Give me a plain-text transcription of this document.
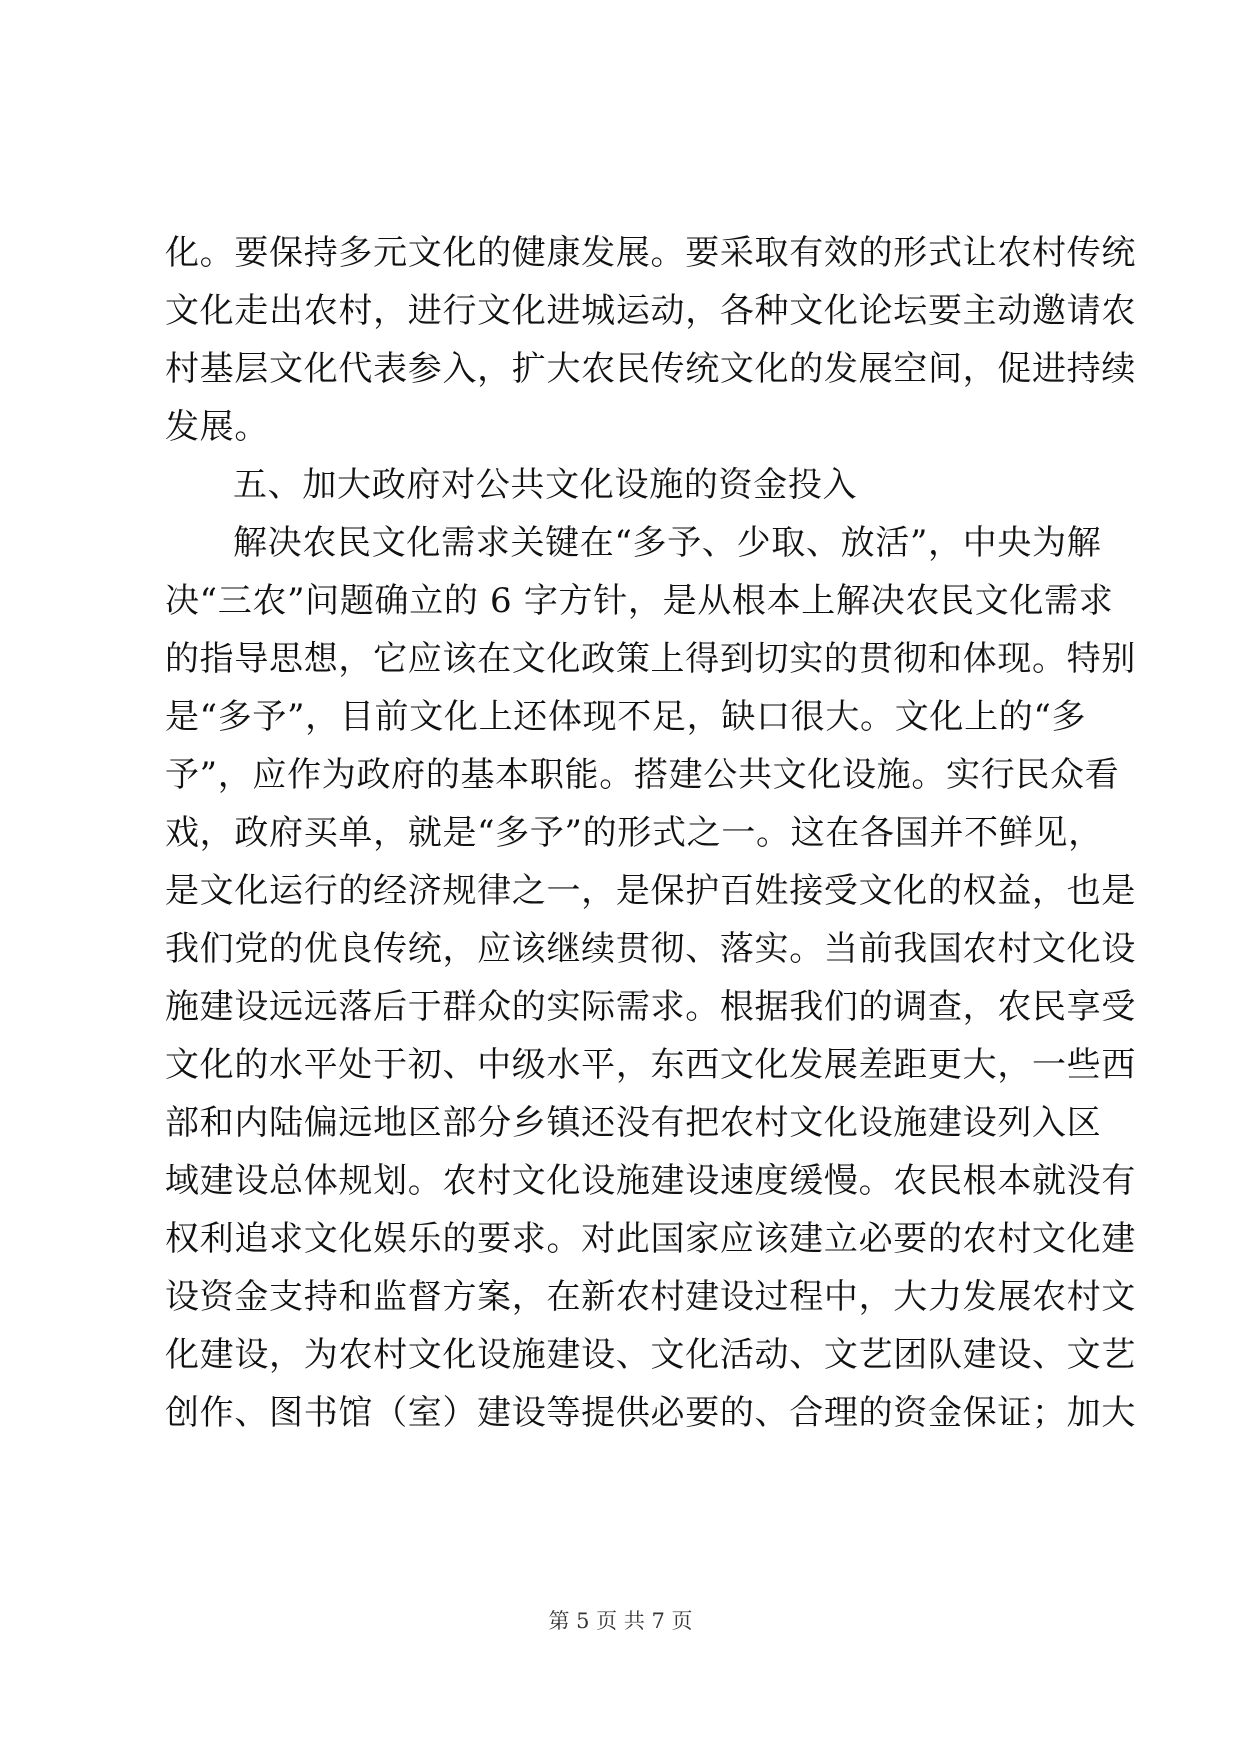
化。要保持多元文化的健康发展。要采取有效的形式让农村传统
文化走出农村，进行文化进城运动，各种文化论坛要主动邀请农
村基层文化代表参入，扩大农民传统文化的发展空间，促进持续
发展。
五、加大政府对公共文化设施的资金投入
解决农民文化需求关键在“多予、少取、放活”，中央为解
决“三农”问题确立的 6 字方针，是从根本上解决农民文化需求
的指导思想，它应该在文化政策上得到切实的贯彻和体现。特别
是“多予”，目前文化上还体现不足，缺口很大。文化上的“多
予”，应作为政府的基本职能。搭建公共文化设施。实行民众看
戏，政府买单，就是“多予”的形式之一。这在各国并不鲜见，
是文化运行的经济规律之一，是保护百姓接受文化的权益，也是
我们党的优良传统，应该继续贯彻、落实。当前我国农村文化设
施建设远远落后于群众的实际需求。根据我们的调查，农民享受
文化的水平处于初、中级水平，东西文化发展差距更大，一些西
部和内陆偏远地区部分乡镇还没有把农村文化设施建设列入区
域建设总体规划。农村文化设施建设速度缓慢。农民根本就没有
权利追求文化娱乐的要求。对此国家应该建立必要的农村文化建
设资金支持和监督方案，在新农村建设过程中，大力发展农村文
化建设，为农村文化设施建设、文化活动、文艺团队建设、文艺
创作、图书馆（室）建设等提供必要的、合理的资金保证；加大
第 5 页 共 7 页
